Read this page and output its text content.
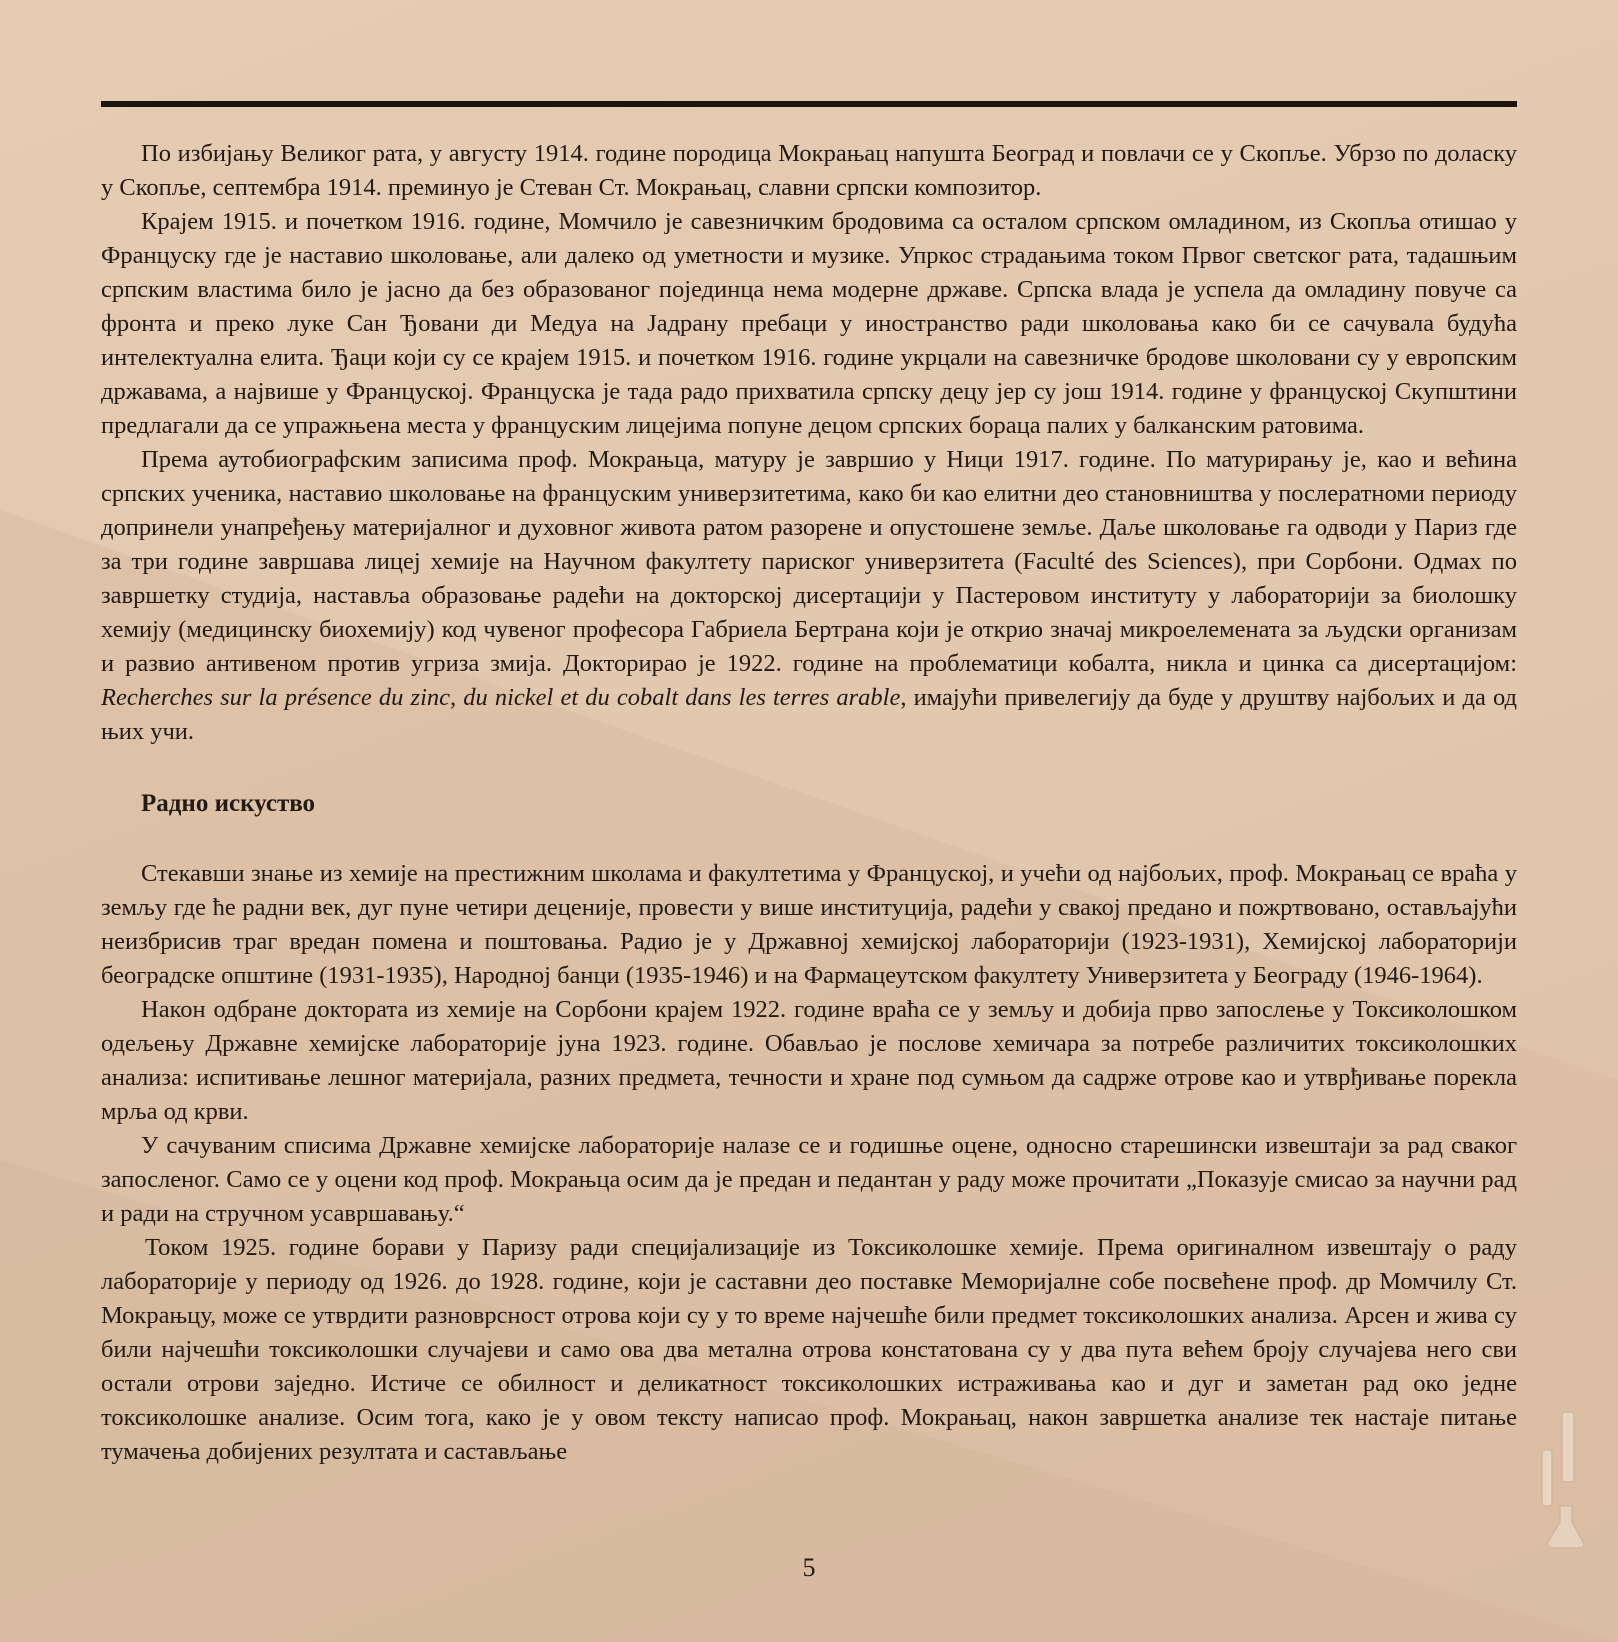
По избијању Великог рата, у августу 1914. године породица Мокрањац напушта Београд и повлачи се у Скопље. Убрзо по доласку у Скопље, септембра 1914. преминуо је Стеван Ст. Мокрањац, славни српски композитор.

Крајем 1915. и почетком 1916. године, Момчило је савезничким бродовима са осталом српском омладином, из Скопља отишао у Француску где је наставио школовање, али далеко од уметности и музике. Упркос страдањима током Првог светског рата, тадашњим српским властима било је јасно да без образованог појединца нема модерне државе. Српска влада је успела да омладину повуче са фронта и преко луке Сан Ђовани ди Медуа на Јадрану пребаци у иностранство ради школовања како би се сачувала будућа интелектуална елита. Ђаци који су се крајем 1915. и почетком 1916. године укрцали на савезничке бродове школовани су у европским државама, а највише у Француској. Француска је тада радо прихватила српску децу јер су још 1914. године у француској Скупштини предлагали да се упражњена места у француским лицејима попуне децом српских бораца палих у балканским ратовима.

Према аутобиографским записима проф. Мокрањца, матуру је завршио у Ници 1917. године. По матурирању је, као и већина српских ученика, наставио школовање на француским универзитетима, како би као елитни део становништва у послератноми периоду допринели унапређењу материјалног и духовног живота ратом разорене и опустошене земље. Даље школовање га одводи у Париз где за три године завршава лицеј хемије на Научном факултету париског универзитета (Faculté des Sciences), при Сорбони. Одмах по завршетку студија, наставља образовање радећи на докторској дисертацији у Пастеровом институту у лабораторији за биолошку хемију (медицинску биохемију) код чувеног професора Габриела Бертрана који је открио значај микроелемената за људски организам и развио антивеном против угриза змија. Докторирао је 1922. године на проблематици кобалта, никла и цинка са дисертацијом: Recherches sur la présence du zinc, du nickel et du cobalt dans les terres arable, имајући привелегију да буде у друштву најбољих и да од њих учи.

Радно искуство

Стекавши знање из хемије на престижним школама и факултетима у Француској, и учећи од најбољих, проф. Мокрањац се враћа у земљу где ће радни век, дуг пуне четири деценије, провести у више институција, радећи у свакој предано и пожртвовано, остављајући неизбрисив траг вредан помена и поштовања. Радио је у Државној хемијској лабораторији (1923-1931), Хемијској лабораторији београдске општине (1931-1935), Народној банци (1935-1946) и на Фармацеутском факултету Универзитета у Београду (1946-1964).

Након одбране доктората из хемије на Сорбони крајем 1922. године враћа се у земљу и добија прво запослење у Токсиколошком одељењу Државне хемијске лабораторије јуна 1923. године. Обављао је послове хемичара за потребе различитих токсиколошких анализа: испитивање лешног материјала, разних предмета, течности и хране под сумњом да садрже отрове као и утврђивање порекла мрља од крви.

У сачуваним списима Државне хемијске лабораторије налазе се и годишње оцене, односно старешински извештаји за рад сваког запосленог. Само се у оцени код проф. Мокрањца осим да је предан и педантан у раду може прочитати „Показује смисао за научни рад и ради на стручном усавршавању.“

Током 1925. године борави у Паризу ради специјализације из Токсиколошке хемије. Према оригиналном извештају о раду лабораторије у периоду од 1926. до 1928. године, који је саставни део поставке Меморијалне собе посвећене проф. др Момчилу Ст. Мокрањцу, може се утврдити разноврсност отрова који су у то време најчешће били предмет токсиколошких анализа. Арсен и жива су били најчешћи токсиколошки случајеви и само ова два метална отрова констатована су у два пута већем броју случајева него сви остали отрови заједно. Истиче се обилност и деликатност токсиколошких истраживања као и дуг и заметан рад око једне токсиколошке анализе. Осим тога, како је у овом тексту написао проф. Мокрањац, након завршетка анализе тек настаје питање тумачења добијених резултата и састављање

5
